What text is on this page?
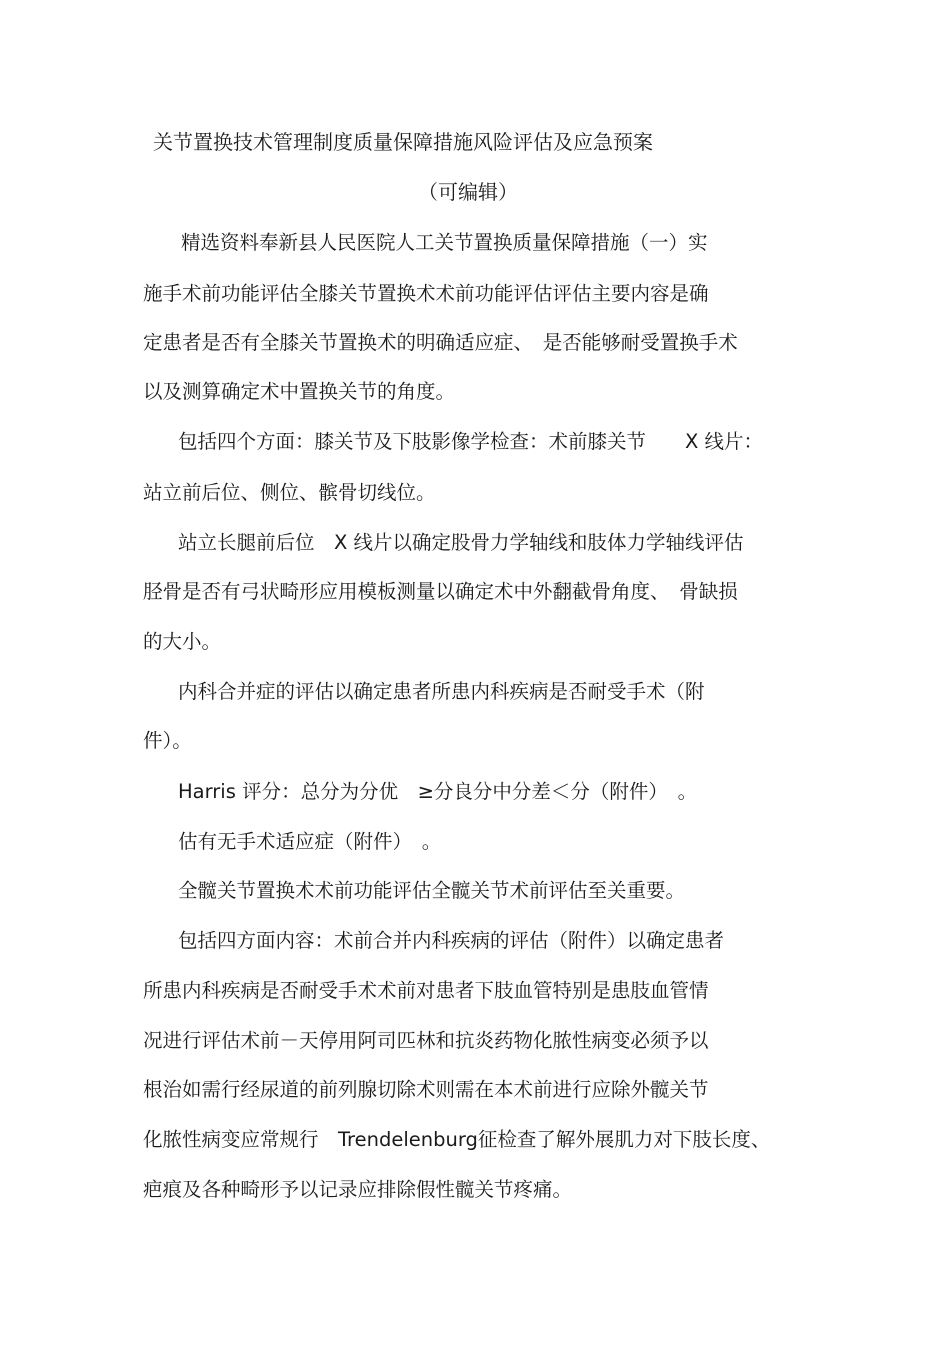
关节置换技术管理制度质量保障措施风险评估及应急预案
（可编辑）
精选资料奉新县人民医院人工关节置换质量保障措施（一）实
施手术前功能评估全膝关节置换术术前功能评估评估主要内容是确
定患者是否有全膝关节置换术的明确适应症、　是否能够耐受置换手术
以及测算确定术中置换关节的角度。
包括四个方面：膝关节及下肢影像学检查：术前膝关节　　X 线片：
站立前后位、侧位、髌骨切线位。
站立长腿前后位　X 线片以确定股骨力学轴线和肢体力学轴线评估
胫骨是否有弓状畸形应用模板测量以确定术中外翻截骨角度、　骨缺损
的大小。
内科合并症的评估以确定患者所患内科疾病是否耐受手术（附
件）。
Harris 评分：总分为分优　≥分良分中分差＜分（附件）　。
估有无手术适应症（附件）　。
全髋关节置换术术前功能评估全髋关节术前评估至关重要。
包括四方面内容：术前合并内科疾病的评估（附件）以确定患者
所患内科疾病是否耐受手术术前对患者下肢血管特别是患肢血管情
况进行评估术前－天停用阿司匹林和抗炎药物化脓性病变必须予以
根治如需行经尿道的前列腺切除术则需在本术前进行应除外髋关节
化脓性病变应常规行　Trendelenburg征检查了解外展肌力对下肢长度、
疤痕及各种畸形予以记录应排除假性髋关节疼痛。
